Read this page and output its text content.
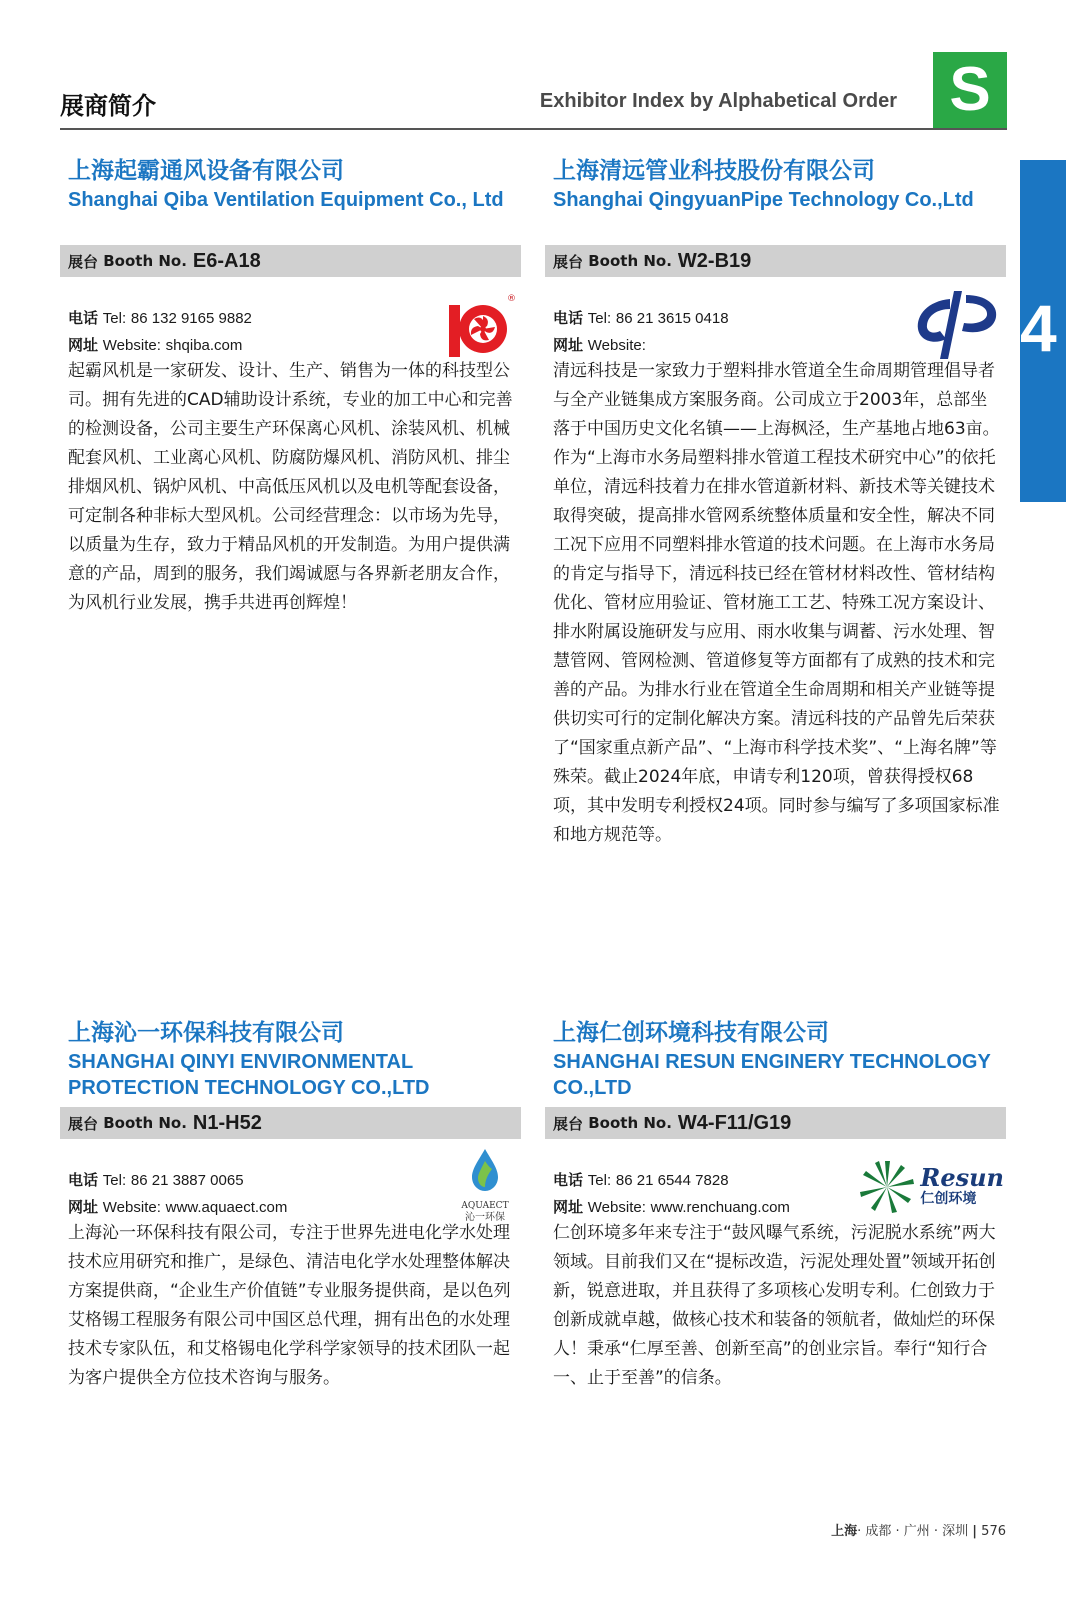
展商简介	Exhibitor Index by Alphabetical Order S
4
上海起霸通风设备有限公司
Shanghai Qiba Ventilation Equipment Co., Ltd
展台
Booth No. E6-A18
电话 Tel: 86 132 9165 9882
网址 Website: shqiba.com
®
起霸风机是一家研发、设计、生产、销售为一体的科技型公司。拥有先进的CAD辅助设计系统，专业的加工中心和完善的检测设备，公司主要生产环保离心风机、涂装风机、机械配套风机、工业离心风机、防腐防爆风机、消防风机、排尘排烟风机、锅炉风机、中高低压风机以及电机等配套设备，可定制各种非标大型风机。公司经营理念：以市场为先导，以质量为生存，致力于精品风机的开发制造。为用户提供满意的产品，周到的服务，我们竭诚愿与各界新老朋友合作，为风机行业发展，携手共进再创辉煌！
上海清远管业科技股份有限公司
Shanghai QingyuanPipe Technology Co.,Ltd
展台
Booth No. W2-B19
电话 Tel: 86 21 3615 0418
网址 Website:
清远科技是一家致力于塑料排水管道全生命周期管理倡导者与全产业链集成方案服务商。公司成立于2003年，总部坐落于中国历史文化名镇——上海枫泾，生产基地占地63亩。作为“上海市水务局塑料排水管道工程技术研究中心”的依托单位，清远科技着力在排水管道新材料、新技术等关键技术取得突破，提高排水管网系统整体质量和安全性，解决不同工况下应用不同塑料排水管道的技术问题。在上海市水务局的肯定与指导下，清远科技已经在管材材料改性、管材结构优化、管材应用验证、管材施工工艺、特殊工况方案设计、排水附属设施研发与应用、雨水收集与调蓄、污水处理、智慧管网、管网检测、管道修复等方面都有了成熟的技术和完善的产品。为排水行业在管道全生命周期和相关产业链等提供切实可行的定制化解决方案。清远科技的产品曾先后荣获了“国家重点新产品”、“上海市科学技术奖”、“上海名牌”等殊荣。截止2024年底，申请专利120项，曾获得授权68项，其中发明专利授权24项。同时参与编写了多项国家标准和地方规范等。
上海沁一环保科技有限公司
SHANGHAI QINYI ENVIRONMENTAL PROTECTION TECHNOLOGY CO.,LTD
展台
Booth No. N1-H52
电话 Tel: 86 21 3887 0065
网址 Website: www.aquaect.com	AQUAECT
沁一环保
上海沁一环保科技有限公司，专注于世界先进电化学水处理技术应用研究和推广，是绿色、清洁电化学水处理整体解决方案提供商，“企业生产价值链”专业服务提供商，是以色列艾格锡工程服务有限公司中国区总代理，拥有出色的水处理技术专家队伍，和艾格锡电化学科学家领导的技术团队一起为客户提供全方位技术咨询与服务。
上海仁创环境科技有限公司
SHANGHAI RESUN ENGINERY TECHNOLOGY CO.,LTD
展台
Booth No. W4-F11/G19
电话 Tel: 86 21 6544 7828
网址 Website: www.renchuang.com
Resun
仁创环境
仁创环境多年来专注于“鼓风曝气系统，污泥脱水系统”两大领域。目前我们又在“提标改造，污泥处理处置”领域开拓创新，锐意进取，并且获得了多项核心发明专利。仁创致力于创新成就卓越，做核心技术和装备的领航者，做灿烂的环保人！秉承“仁厚至善、创新至高”的创业宗旨。奉行“知行合一、止于至善”的信条。
上海· 成都 · 广州 · 深圳 | 576
